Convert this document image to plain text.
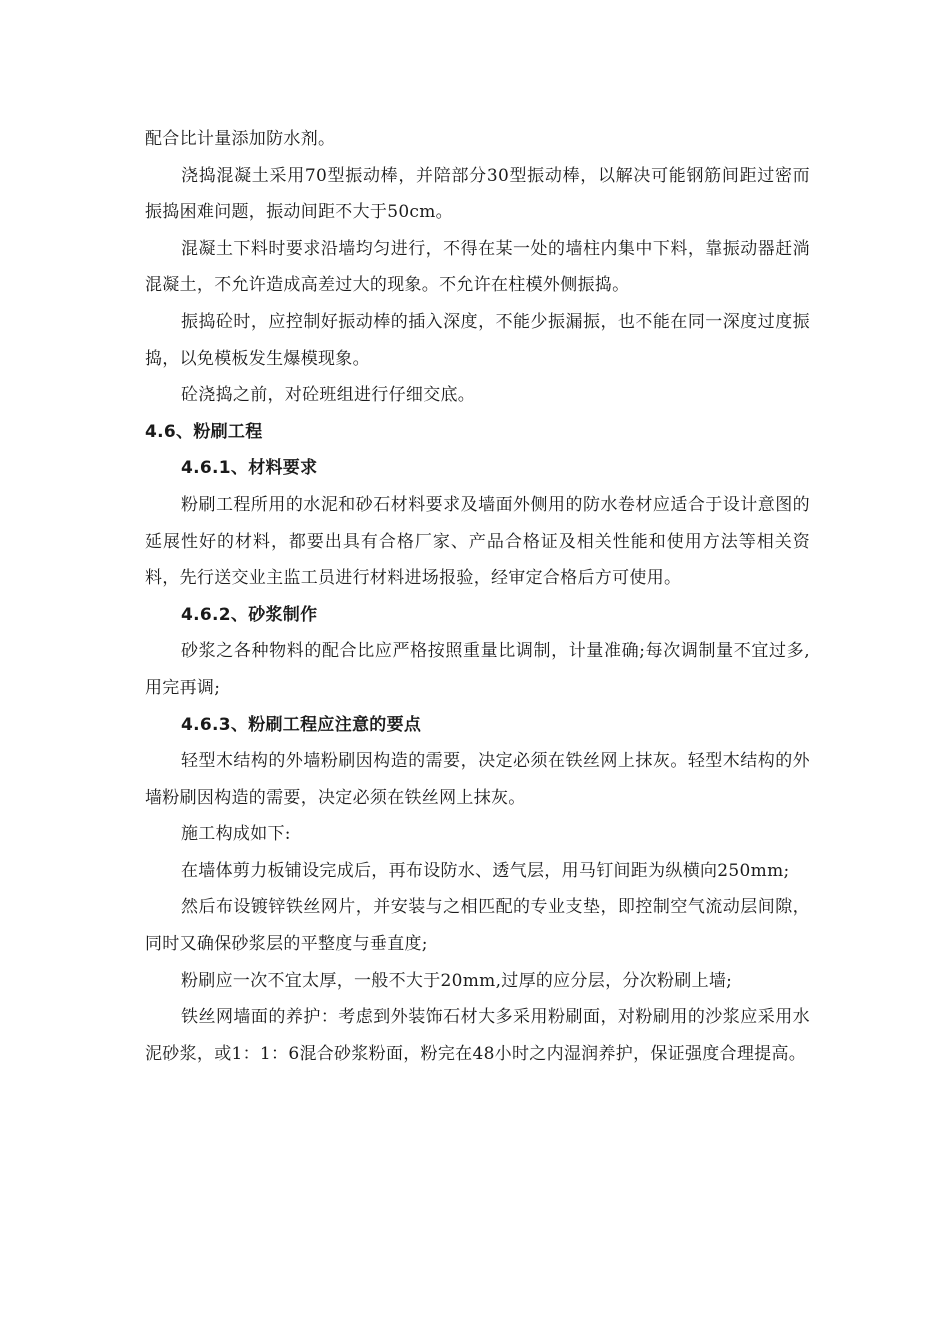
配合比计量添加防水剂。

浇捣混凝土采用70型振动棒，并陪部分30型振动棒，以解决可能钢筋间距过密而振捣困难问题，振动间距不大于50cm。

混凝土下料时要求沿墙均匀进行，不得在某一处的墙柱内集中下料，靠振动器赶淌混凝土，不允许造成高差过大的现象。不允许在柱模外侧振捣。

振捣砼时，应控制好振动棒的插入深度，不能少振漏振，也不能在同一深度过度振捣，以免模板发生爆模现象。

砼浇捣之前，对砼班组进行仔细交底。

4.6、粉刷工程

4.6.1、材料要求

粉刷工程所用的水泥和砂石材料要求及墙面外侧用的防水卷材应适合于设计意图的延展性好的材料，都要出具有合格厂家、产品合格证及相关性能和使用方法等相关资料，先行送交业主监工员进行材料进场报验，经审定合格后方可使用。

4.6.2、砂浆制作

砂浆之各种物料的配合比应严格按照重量比调制，计量准确;每次调制量不宜过多,用完再调;

4.6.3、粉刷工程应注意的要点

轻型木结构的外墙粉刷因构造的需要，决定必须在铁丝网上抹灰。轻型木结构的外墙粉刷因构造的需要，决定必须在铁丝网上抹灰。

施工构成如下:

在墙体剪力板铺设完成后，再布设防水、透气层，用马钉间距为纵横向250mm;

然后布设镀锌铁丝网片，并安装与之相匹配的专业支垫，即控制空气流动层间隙，同时又确保砂浆层的平整度与垂直度;

粉刷应一次不宜太厚，一般不大于20mm,过厚的应分层，分次粉刷上墙;

铁丝网墙面的养护：考虑到外装饰石材大多采用粉刷面，对粉刷用的沙浆应采用水泥砂浆，或1：1：6混合砂浆粉面，粉完在48小时之内湿润养护，保证强度合理提高。
